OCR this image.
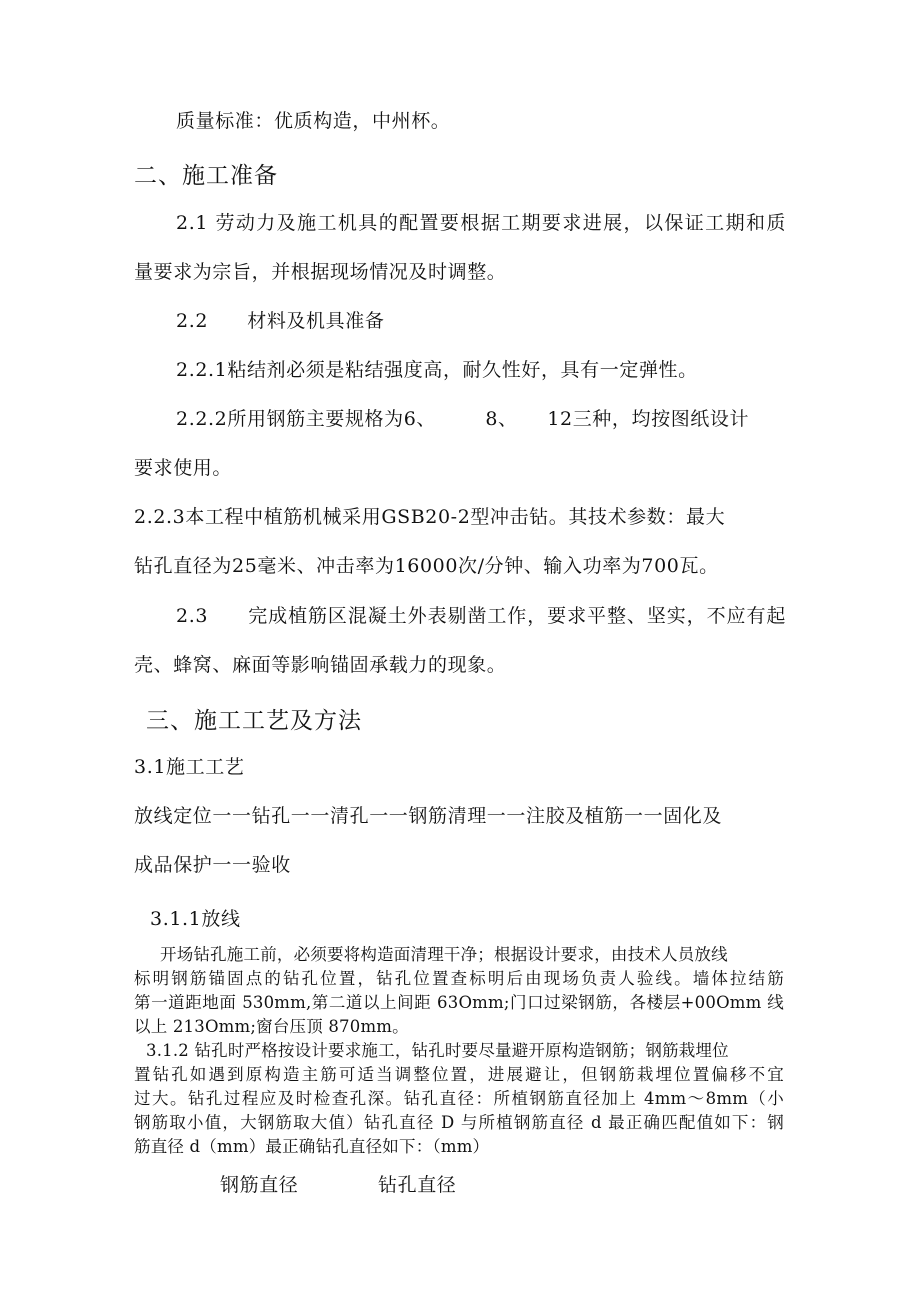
质量标准：优质构造，中州杯。
二、施工准备
2.1 劳动力及施工机具的配置要根据工期要求进展，以保证工期和质
量要求为宗旨，并根据现场情况及时调整。
2.2　　材料及机具准备
2.2.1粘结剂必须是粘结强度高，耐久性好，具有一定弹性。
2.2.2所用钢筋主要规格为6、　　　8、　　12三种，均按图纸设计
要求使用。
2.2.3本工程中植筋机械采用GSB20-2型冲击钻。其技术参数：最大
钻孔直径为25毫米、冲击率为16000次/分钟、输入功率为700瓦。
2.3　　完成植筋区混凝土外表剔凿工作，要求平整、坚实，不应有起
壳、蜂窝、麻面等影响锚固承载力的现象。
三、施工工艺及方法
3.1施工工艺
放线定位一一钻孔一一清孔一一钢筋清理一一注胶及植筋一一固化及
成品保护一一验收
3.1.1放线
开场钻孔施工前，必须要将构造面清理干净；根据设计要求，由技术人员放线
标明钢筋锚固点的钻孔位置，钻孔位置查标明后由现场负责人验线。墙体拉结筋
第一道距地面 530mm,第二道以上间距 63Omm;门口过梁钢筋，各楼层+00Omm 线
以上 213Omm;窗台压顶 870mm。
3.1.2 钻孔时严格按设计要求施工，钻孔时要尽量避开原构造钢筋；钢筋栽埋位
置钻孔如遇到原构造主筋可适当调整位置，进展避让，但钢筋栽埋位置偏移不宜
过大。钻孔过程应及时检查孔深。钻孔直径：所植钢筋直径加上 4mm～8mm（小
钢筋取小值，大钢筋取大值）钻孔直径 D 与所植钢筋直径 d 最正确匹配值如下：钢
筋直径 d（mm）最正确钻孔直径如下：（mm）
钢筋直径	钻孔直径
